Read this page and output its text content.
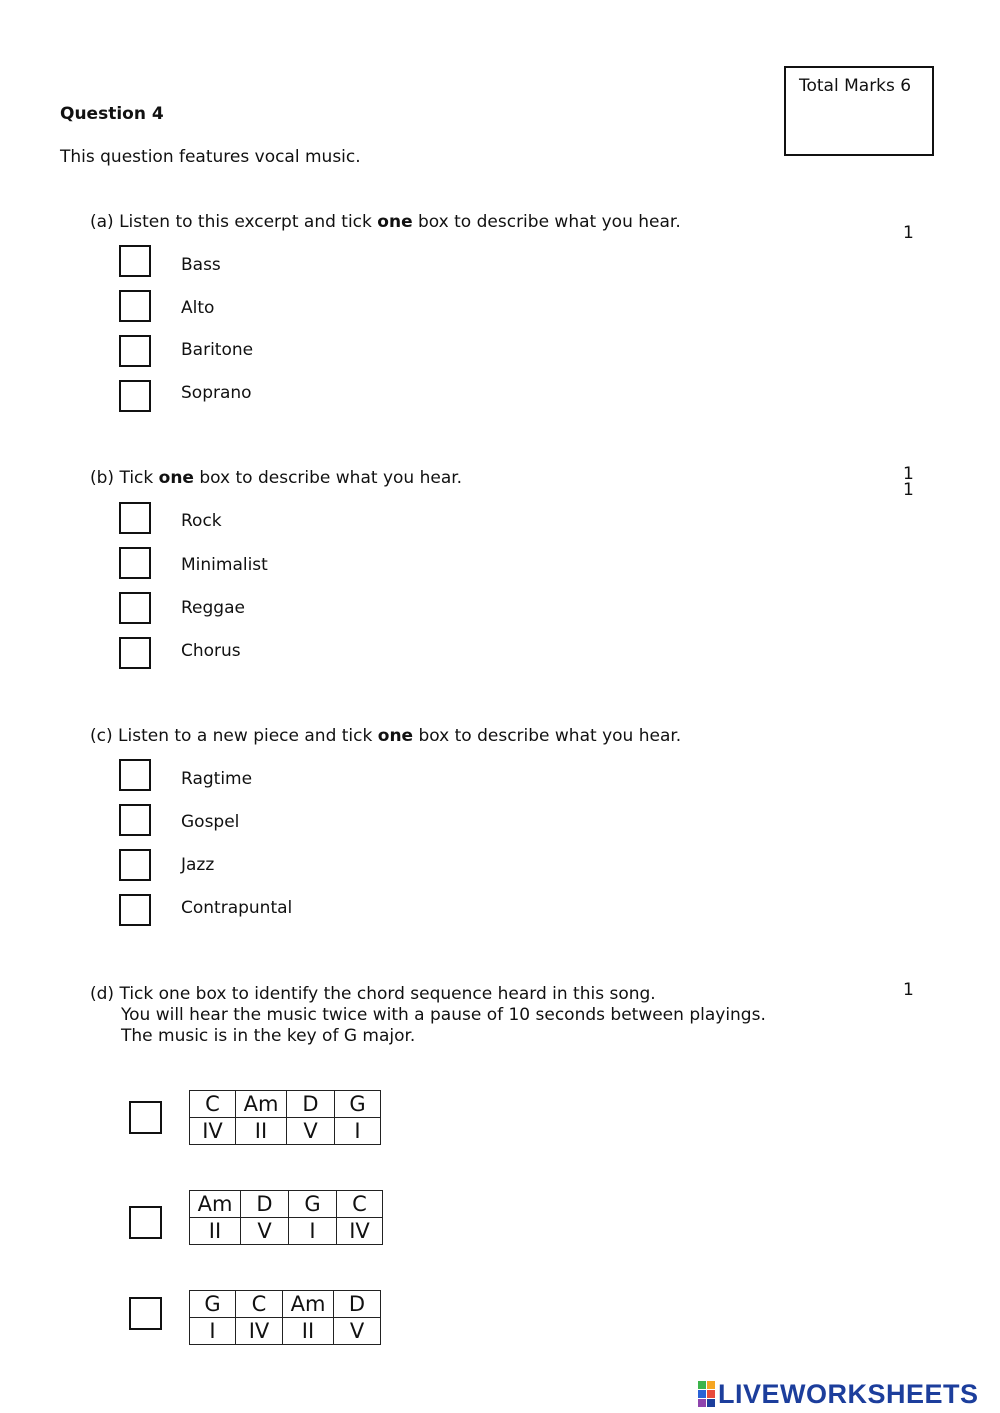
Question 4
This question features vocal music.
Total Marks 6
(a) Listen to this excerpt and tick one box to describe what you hear.
1
Bass
Alto
Baritone
Soprano
(b) Tick one box to describe what you hear.	1
1
Rock
Minimalist
Reggae
Chorus
(c) Listen to a new piece and tick one box to describe what you hear.
Ragtime
Gospel
Jazz
Contrapuntal
(d) Tick one box to identify the chord sequence heard in this song.
You will hear the music twice with a pause of 10 seconds between playings.
The music is in the key of G major.
1
C	Am	D	G
IV	II	V	I
Am	D	G	C
II	V	I	IV
G	C	Am	D
I	IV	II	V
LIVEWORKSHEETS
